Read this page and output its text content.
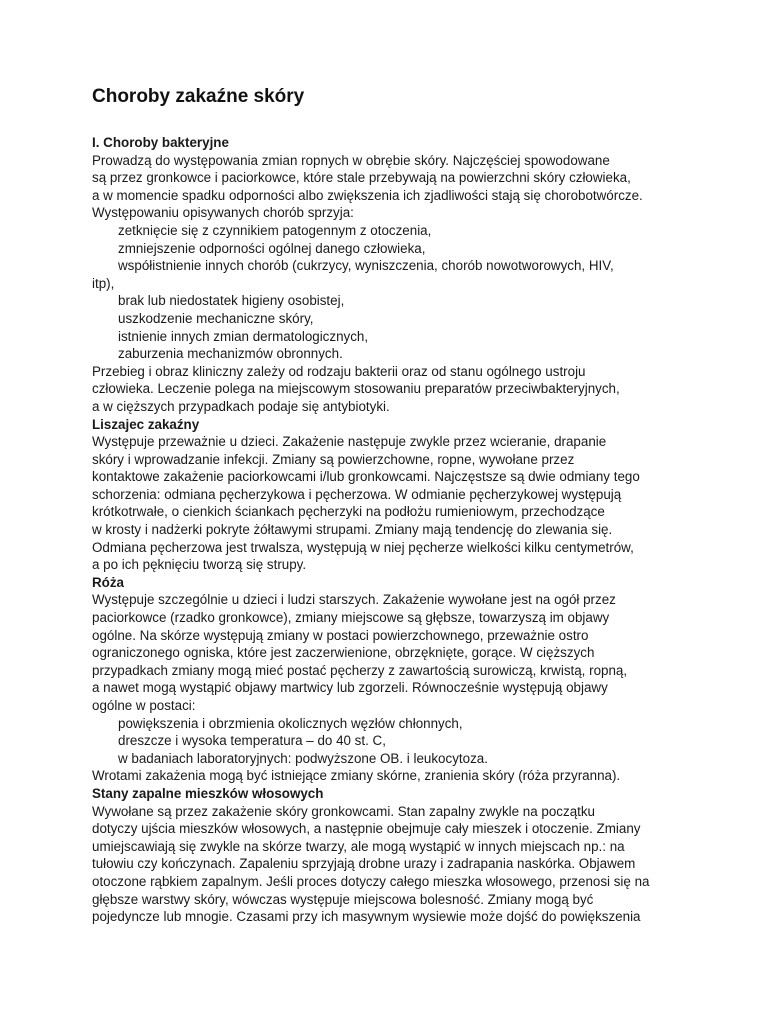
Choroby zakaźne skóry
I. Choroby bakteryjne
Prowadzą do występowania zmian ropnych w obrębie skóry. Najczęściej spowodowane
są przez gronkowce i paciorkowce, które stale przebywają na powierzchni skóry człowieka,
a w momencie spadku odporności albo zwiększenia ich zjadliwości stają się chorobotwórcze.
Występowaniu opisywanych chorób sprzyja:
zetknięcie się z czynnikiem patogennym z otoczenia,
zmniejszenie odporności ogólnej danego człowieka,
współistnienie innych chorób (cukrzycy, wyniszczenia, chorób nowotworowych, HIV,
itp),
brak lub niedostatek higieny osobistej,
uszkodzenie mechaniczne skóry,
istnienie innych zmian dermatologicznych,
zaburzenia mechanizmów obronnych.
Przebieg i obraz kliniczny zależy od rodzaju bakterii oraz od stanu ogólnego ustroju
człowieka. Leczenie polega na miejscowym stosowaniu preparatów przeciwbakteryjnych,
a w cięższych przypadkach podaje się antybiotyki.
Liszajec zakaźny
Występuje przeważnie u dzieci. Zakażenie następuje zwykle przez wcieranie, drapanie
skóry i wprowadzanie infekcji. Zmiany są powierzchowne, ropne, wywołane przez
kontaktowe zakażenie paciorkowcami i/lub gronkowcami. Najczęstsze są dwie odmiany tego
schorzenia: odmiana pęcherzykowa i pęcherzowa. W odmianie pęcherzykowej występują
krótkotrwałe, o cienkich ściankach pęcherzyki na podłożu rumieniowym, przechodzące
w krosty i nadżerki pokryte żółtawymi strupami. Zmiany mają tendencję do zlewania się.
Odmiana pęcherzowa jest trwalsza, występują w niej pęcherze wielkości kilku centymetrów,
a po ich pęknięciu tworzą się strupy.
Róża
Występuje szczególnie u dzieci i ludzi starszych. Zakażenie wywołane jest na ogół przez
paciorkowce (rzadko gronkowce), zmiany miejscowe są głębsze, towarzyszą im objawy
ogólne. Na skórze występują zmiany w postaci powierzchownego, przeważnie ostro
ograniczonego ogniska, które jest zaczerwienione, obrzęknięte, gorące. W cięższych
przypadkach zmiany mogą mieć postać pęcherzy z zawartością surowiczą, krwistą, ropną,
a nawet mogą wystąpić objawy martwicy lub zgorzeli. Równocześnie występują objawy
ogólne w postaci:
powiększenia i obrzmienia okolicznych węzłów chłonnych,
dreszcze i wysoka temperatura – do 40 st. C,
w badaniach laboratoryjnych: podwyższone OB. i leukocytoza.
Wrotami zakażenia mogą być istniejące zmiany skórne, zranienia skóry (róża przyranna).
Stany zapalne mieszków włosowych
Wywołane są przez zakażenie skóry gronkowcami. Stan zapalny zwykle na początku
dotyczy ujścia mieszków włosowych, a następnie obejmuje cały mieszek i otoczenie. Zmiany
umiejscawiają się zwykle na skórze twarzy, ale mogą wystąpić w innych miejscach np.: na
tułowiu czy kończynach. Zapaleniu sprzyjają drobne urazy i zadrapania naskórka. Objawem
otoczone rąbkiem zapalnym. Jeśli proces dotyczy całego mieszka włosowego, przenosi się na
głębsze warstwy skóry, wówczas występuje miejscowa bolesność. Zmiany mogą być
pojedyncze lub mnogie. Czasami przy ich masywnym wysiewie może dojść do powiększenia
